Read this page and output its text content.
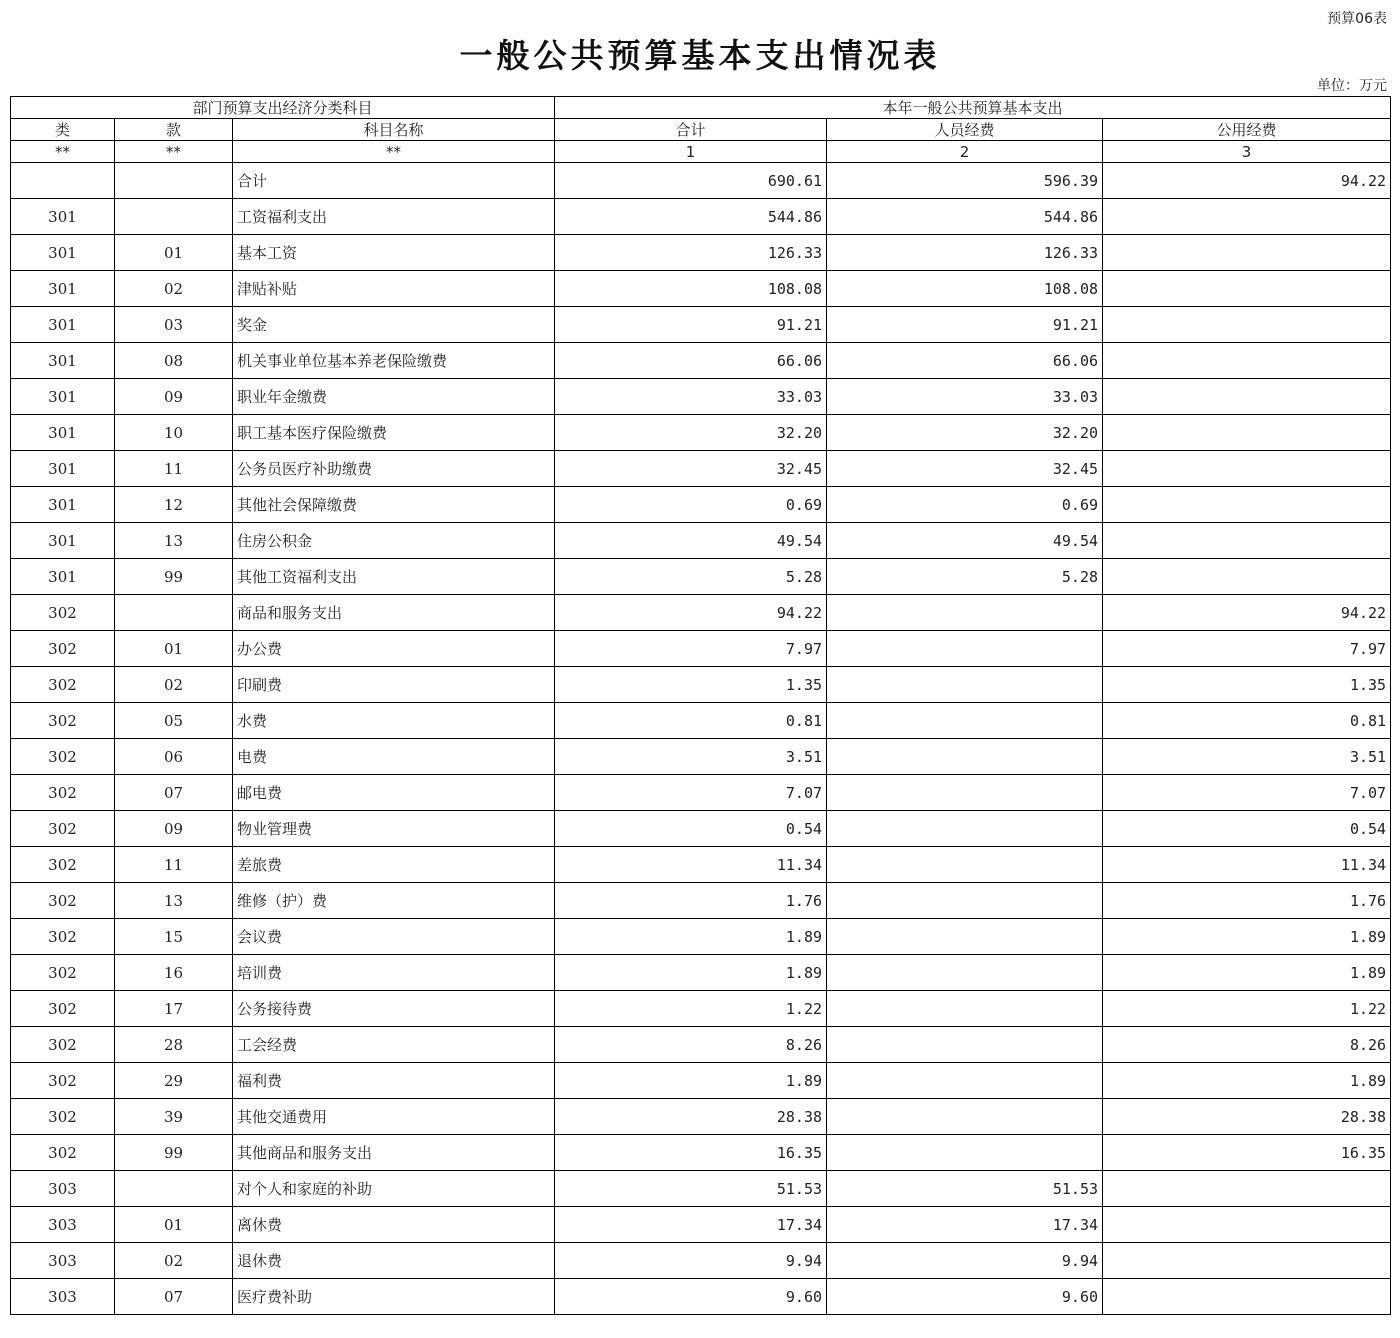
预算06表
一般公共预算基本支出情况表
单位：万元
部门预算支出经济分类科目			本年一般公共预算基本支出		
类	款	科目名称	合计	人员经费	公用经费
**	**	**	1	2	3
		合计	690.61	596.39	94.22
301		工资福利支出	544.86	544.86	
301	01	基本工资	126.33	126.33	
301	02	津贴补贴	108.08	108.08	
301	03	奖金	91.21	91.21	
301	08	机关事业单位基本养老保险缴费	66.06	66.06	
301	09	职业年金缴费	33.03	33.03	
301	10	职工基本医疗保险缴费	32.20	32.20	
301	11	公务员医疗补助缴费	32.45	32.45	
301	12	其他社会保障缴费	0.69	0.69	
301	13	住房公积金	49.54	49.54	
301	99	其他工资福利支出	5.28	5.28	
302		商品和服务支出	94.22		94.22
302	01	办公费	7.97		7.97
302	02	印刷费	1.35		1.35
302	05	水费	0.81		0.81
302	06	电费	3.51		3.51
302	07	邮电费	7.07		7.07
302	09	物业管理费	0.54		0.54
302	11	差旅费	11.34		11.34
302	13	维修（护）费	1.76		1.76
302	15	会议费	1.89		1.89
302	16	培训费	1.89		1.89
302	17	公务接待费	1.22		1.22
302	28	工会经费	8.26		8.26
302	29	福利费	1.89		1.89
302	39	其他交通费用	28.38		28.38
302	99	其他商品和服务支出	16.35		16.35
303		对个人和家庭的补助	51.53	51.53	
303	01	离休费	17.34	17.34	
303	02	退休费	9.94	9.94	
303	07	医疗费补助	9.60	9.60	
